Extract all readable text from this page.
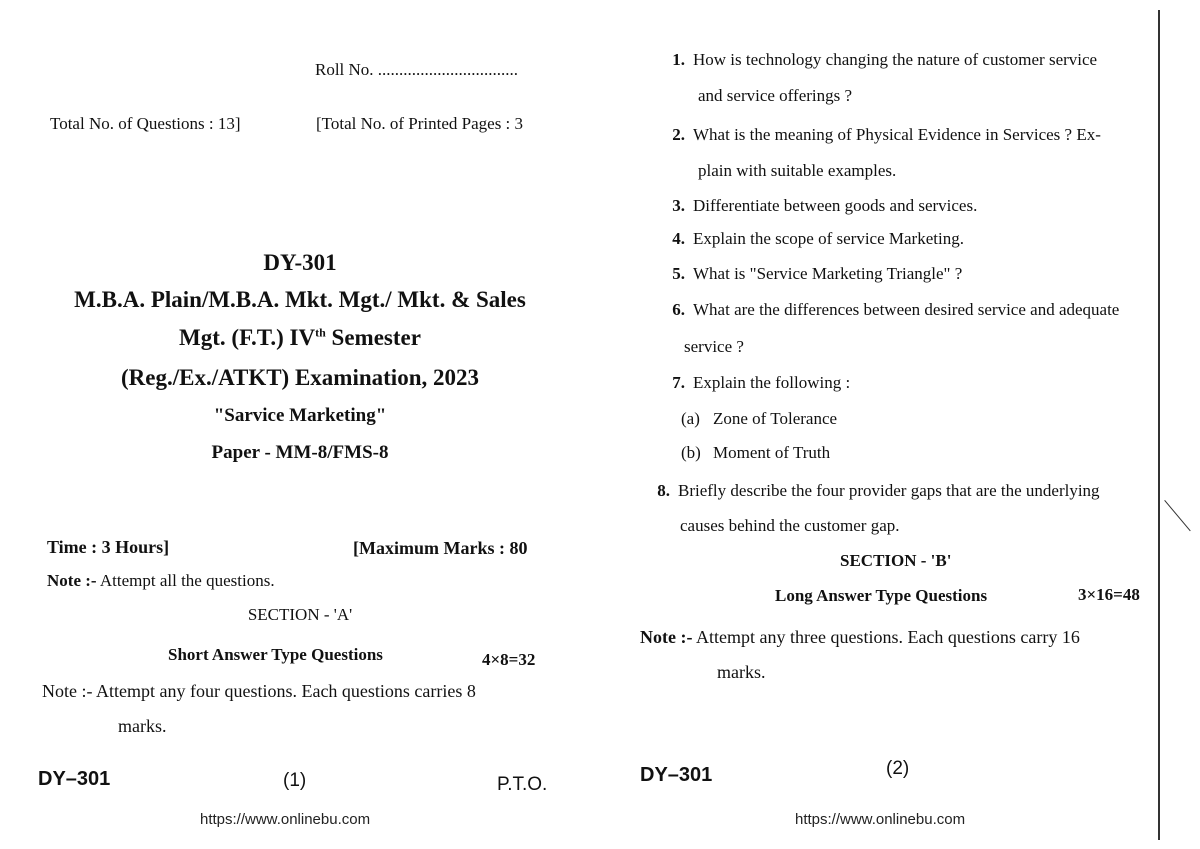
Roll No. .................................
Total No. of Questions : 13]	[Total No. of Printed Pages : 3
DY-301
M.B.A. Plain/M.B.A. Mkt. Mgt./ Mkt. & Sales
Mgt. (F.T.) IVth Semester
(Reg./Ex./ATKT) Examination, 2023
"Sarvice Marketing"
Paper - MM-8/FMS-8
Time : 3 Hours]	[Maximum Marks : 80
Note :- Attempt all the questions.
SECTION - 'A'
Short Answer Type Questions	4×8=32
Note :- Attempt any four questions. Each questions carries 8
marks.
DY–301	(1)	P.T.O.
https://www.onlinebu.com
1. How is technology changing the nature of customer service
and service offerings ?
2. What is the meaning of Physical Evidence in Services ? Ex-
plain with suitable examples.
3. Differentiate between goods and services.
4. Explain the scope of service Marketing.
5. What is "Service Marketing Triangle" ?
6. What are the differences between desired service and adequate
service ?
7. Explain the following :
(a) Zone of Tolerance
(b) Moment of Truth
8. Briefly describe the four provider gaps that are the underlying
causes behind the customer gap.
SECTION - 'B'
Long Answer Type Questions	3×16=48
Note :- Attempt any three questions. Each questions carry 16
marks.
DY–301	(2)
https://www.onlinebu.com
